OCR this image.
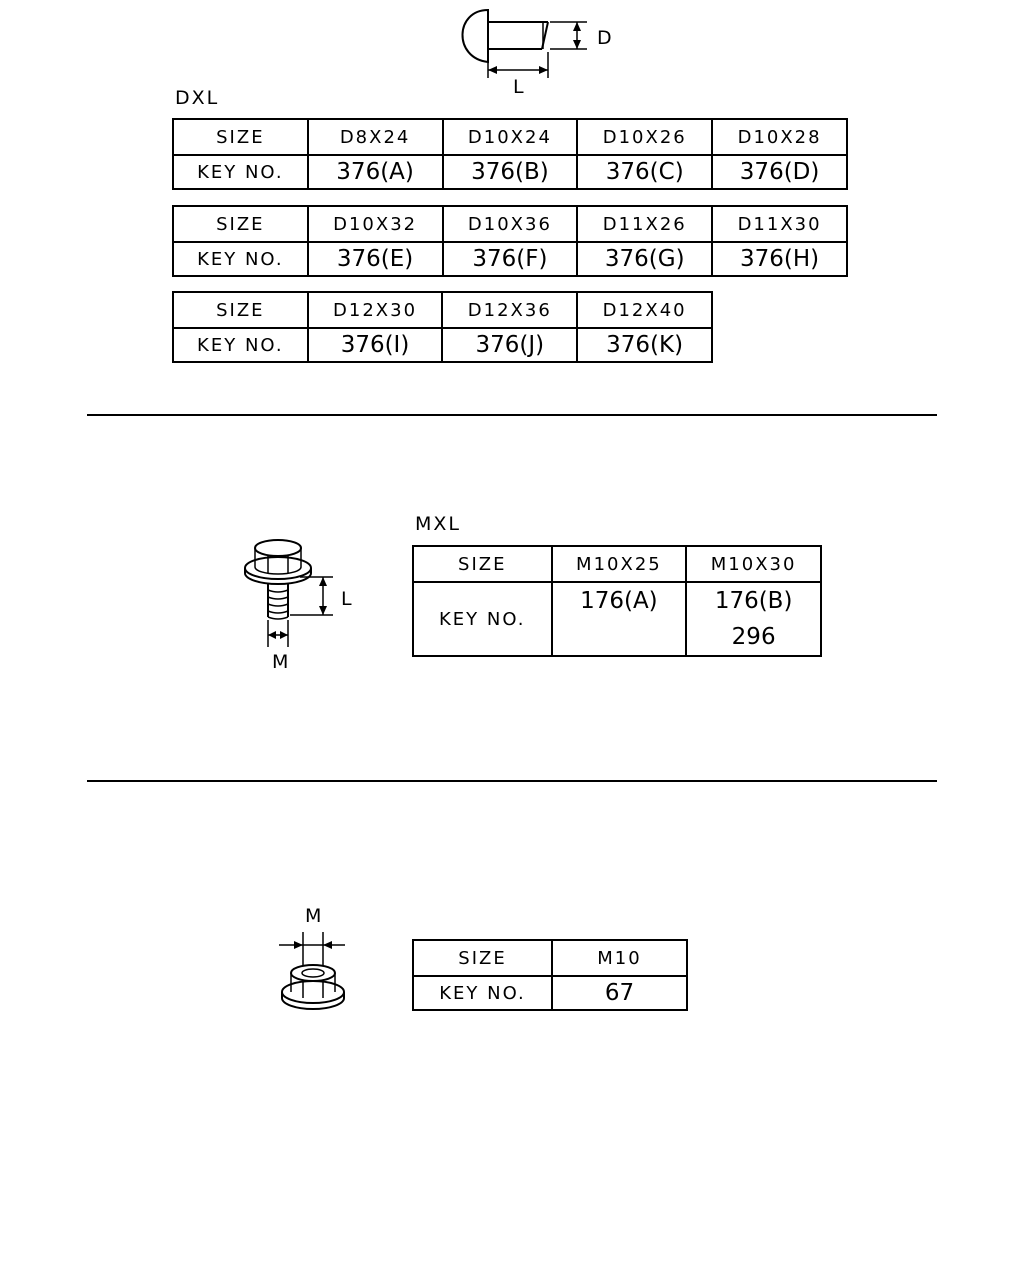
D
L
DXL
SIZE	D8X24	D10X24	D10X26	D10X28
KEY NO.	376(A)	376(B)	376(C)	376(D)
SIZE	D10X32	D10X36	D11X26	D11X30
KEY NO.	376(E)	376(F)	376(G)	376(H)
SIZE	D12X30	D12X36	D12X40
KEY NO.	376(I)	376(J)	376(K)
L
M
MXL
SIZE	M10X25	M10X30
KEY NO.	176(A)	176(B)
296
M
SIZE	M10
KEY NO.	67
